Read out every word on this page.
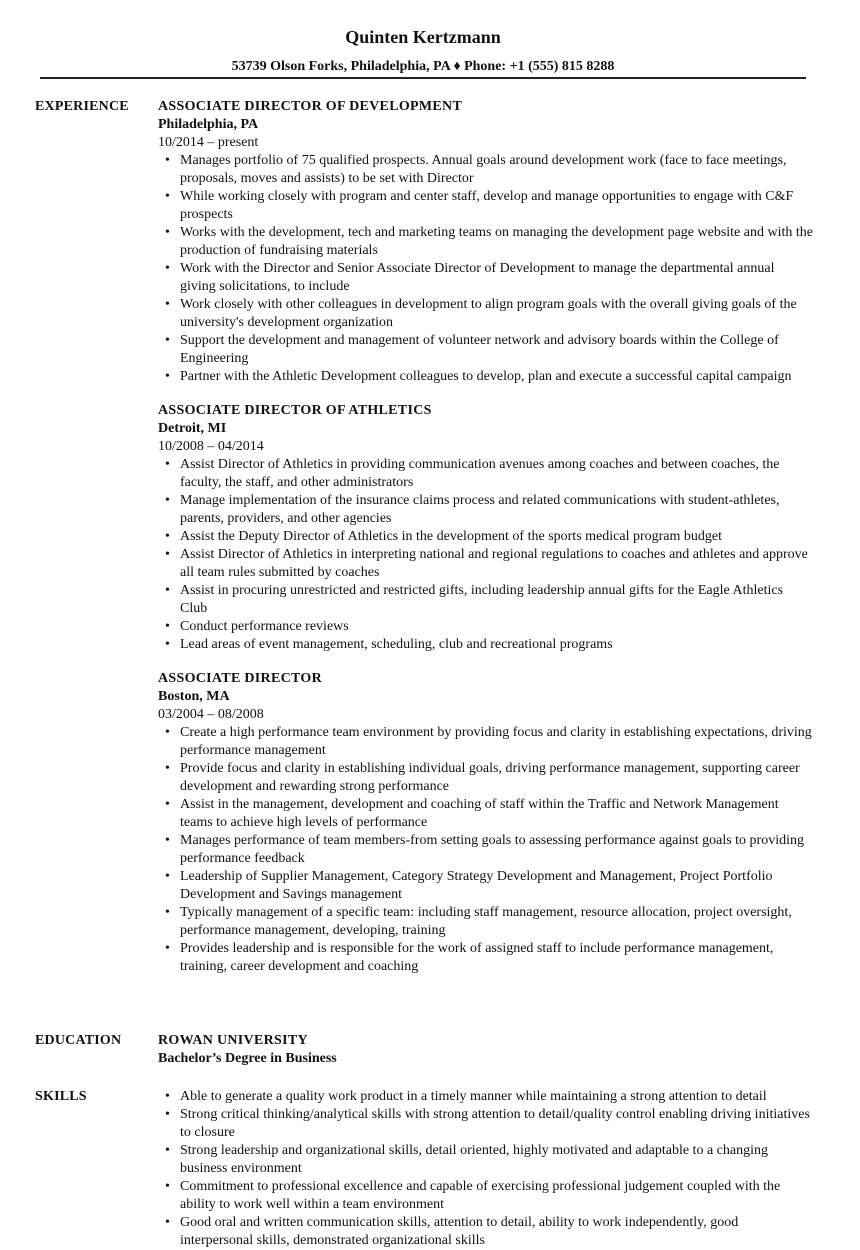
Quinten Kertzmann
53739 Olson Forks, Philadelphia, PA ♦ Phone: +1 (555) 815 8288
EXPERIENCE	ASSOCIATE DIRECTOR OF DEVELOPMENT
Philadelphia, PA
10/2014 – present
• Manages portfolio of 75 qualified prospects. Annual goals around development work (face to face meetings, proposals, moves and assists) to be set with Director
• While working closely with program and center staff, develop and manage opportunities to engage with C&F prospects
• Works with the development, tech and marketing teams on managing the development page website and with the production of fundraising materials
• Work with the Director and Senior Associate Director of Development to manage the departmental annual giving solicitations, to include
• Work closely with other colleagues in development to align program goals with the overall giving goals of the university's development organization
• Support the development and management of volunteer network and advisory boards within the College of Engineering
• Partner with the Athletic Development colleagues to develop, plan and execute a successful capital campaign
ASSOCIATE DIRECTOR OF ATHLETICS
Detroit, MI
10/2008 – 04/2014
• Assist Director of Athletics in providing communication avenues among coaches and between coaches, the faculty, the staff, and other administrators
• Manage implementation of the insurance claims process and related communications with student-athletes, parents, providers, and other agencies
• Assist the Deputy Director of Athletics in the development of the sports medical program budget
• Assist Director of Athletics in interpreting national and regional regulations to coaches and athletes and approve all team rules submitted by coaches
• Assist in procuring unrestricted and restricted gifts, including leadership annual gifts for the Eagle Athletics Club
• Conduct performance reviews
• Lead areas of event management, scheduling, club and recreational programs
ASSOCIATE DIRECTOR
Boston, MA
03/2004 – 08/2008
• Create a high performance team environment by providing focus and clarity in establishing expectations, driving performance management
• Provide focus and clarity in establishing individual goals, driving performance management, supporting career development and rewarding strong performance
• Assist in the management, development and coaching of staff within the Traffic and Network Management teams to achieve high levels of performance
• Manages performance of team members-from setting goals to assessing performance against goals to providing performance feedback
• Leadership of Supplier Management, Category Strategy Development and Management, Project Portfolio Development and Savings management
• Typically management of a specific team: including staff management, resource allocation, project oversight, performance management, developing, training
• Provides leadership and is responsible for the work of assigned staff to include performance management, training, career development and coaching
EDUCATION	ROWAN UNIVERSITY
Bachelor’s Degree in Business
SKILLS	• Able to generate a quality work product in a timely manner while maintaining a strong attention to detail
• Strong critical thinking/analytical skills with strong attention to detail/quality control enabling driving initiatives to closure
• Strong leadership and organizational skills, detail oriented, highly motivated and adaptable to a changing business environment
• Commitment to professional excellence and capable of exercising professional judgement coupled with the ability to work well within a team environment
• Good oral and written communication skills, attention to detail, ability to work independently, good interpersonal skills, demonstrated organizational skills
